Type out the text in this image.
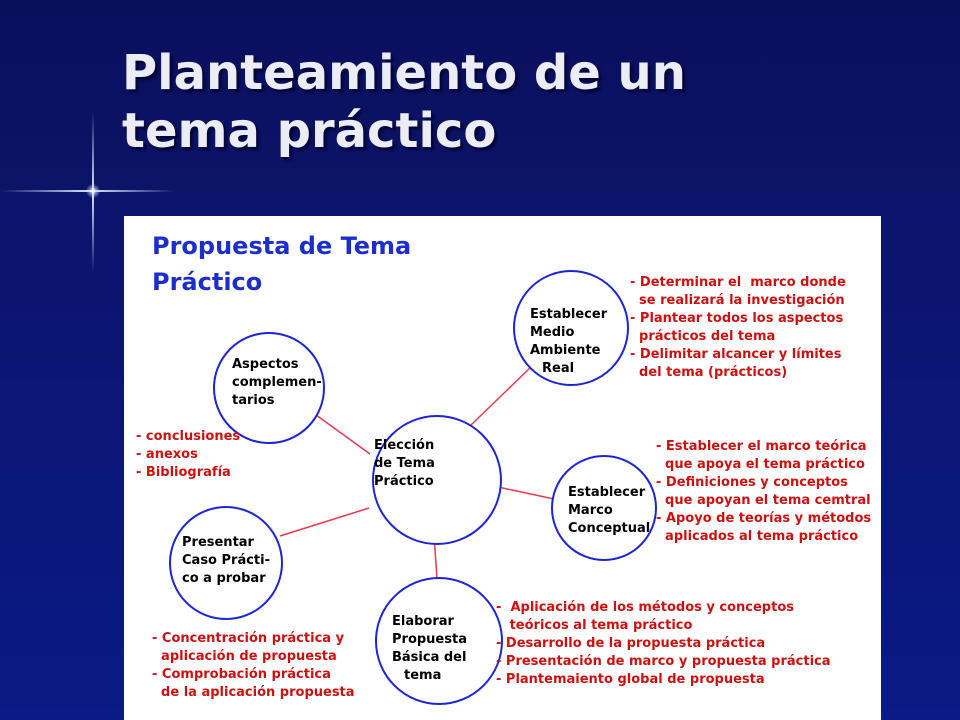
Planteamiento de un
tema práctico
Propuesta de Tema Práctico
Elección de Tema Práctico
Aspectos complemen- tarios
- conclusiones - anexos - Bibliografía
Establecer Medio Ambiente Real
- Determinar el  marco donde           se realizará la investigación - Plantear todos los aspectos           prácticos del tema - Delimitar alcancer y límites           del tema (prácticos)
Establecer Marco Conceptual
- Establecer el marco teórica           que apoya el tema práctico - Definiciones y conceptos           que apoyan el tema cemtral - Apoyo de teorías y métodos           aplicados al tema práctico
Presentar Caso Prácti- co a probar
- Concentración práctica y           aplicación de propuesta - Comprobación práctica           de la aplicación propuesta
Elaborar Propuesta Básica del tema
-  Aplicación de los métodos y conceptos            teóricos al tema práctico - Desarrollo de la propuesta práctica - Presentación de marco y propuesta práctica - Plantemaiento global de propuesta
